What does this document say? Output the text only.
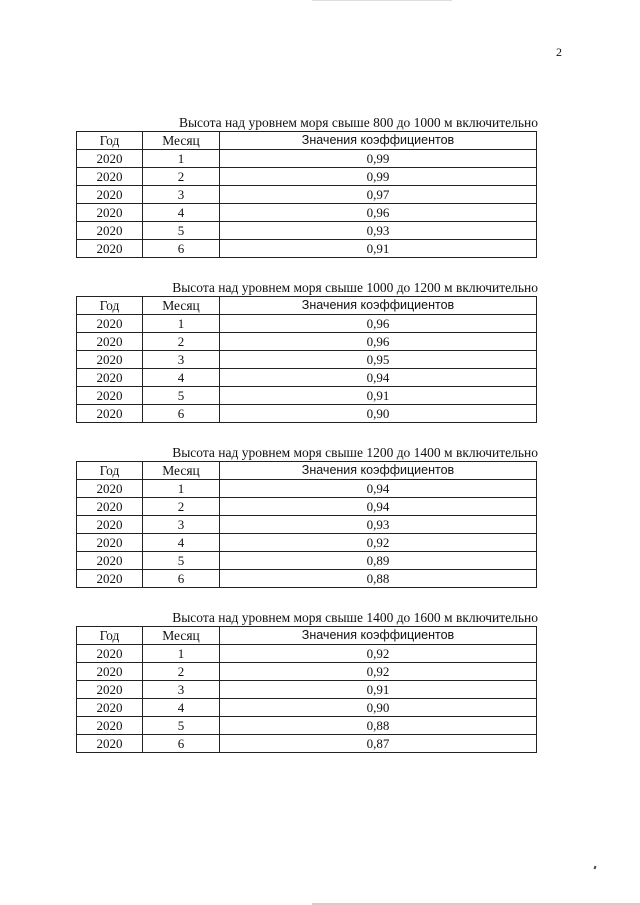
2
Высота над уровнем моря свыше 800 до 1000 м включительно
Год	Месяц	Значения коэффициентов
2020	1	0,99
2020	2	0,99
2020	3	0,97
2020	4	0,96
2020	5	0,93
2020	6	0,91
Высота над уровнем моря свыше 1000 до 1200 м включительно
Год	Месяц	Значения коэффициентов
2020	1	0,96
2020	2	0,96
2020	3	0,95
2020	4	0,94
2020	5	0,91
2020	6	0,90
Высота над уровнем моря свыше 1200 до 1400 м включительно
Год	Месяц	Значения коэффициентов
2020	1	0,94
2020	2	0,94
2020	3	0,93
2020	4	0,92
2020	5	0,89
2020	6	0,88
Высота над уровнем моря свыше 1400 до 1600 м включительно
Год	Месяц	Значения коэффициентов
2020	1	0,92
2020	2	0,92
2020	3	0,91
2020	4	0,90
2020	5	0,88
2020	6	0,87
